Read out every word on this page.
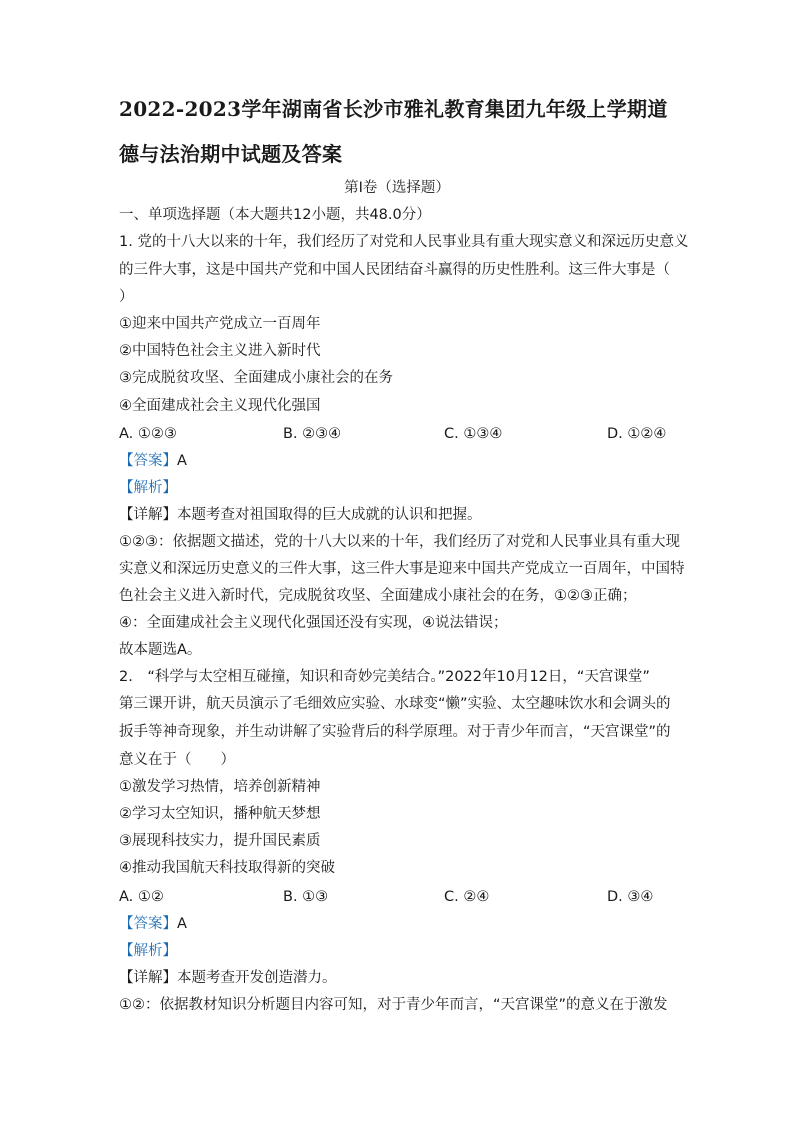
2022-2023学年湖南省长沙市雅礼教育集团九年级上学期道
德与法治期中试题及答案
第I卷（选择题）
一、单项选择题（本大题共12小题，共48.0分）
1. 党的十八大以来的十年，我们经历了对党和人民事业具有重大现实意义和深远历史意义
的三件大事，这是中国共产党和中国人民团结奋斗赢得的历史性胜利。这三件大事是（
）
①迎来中国共产党成立一百周年
②中国特色社会主义进入新时代
③完成脱贫攻坚、全面建成小康社会的在务
④全面建成社会主义现代化强国
A. ①②③	B. ②③④	C. ①③④	D. ①②④
【答案】A
【解析】
【详解】本题考查对祖国取得的巨大成就的认识和把握。
①②③：依据题文描述，党的十八大以来的十年，我们经历了对党和人民事业具有重大现
实意义和深远历史意义的三件大事，这三件大事是迎来中国共产党成立一百周年，中国特
色社会主义进入新时代，完成脱贫攻坚、全面建成小康社会的在务，①②③正确；
④：全面建成社会主义现代化强国还没有实现，④说法错误；
故本题选A。
2.　“科学与太空相互碰撞，知识和奇妙完美结合。”2022年10月12日，“天宫课堂”
第三课开讲，航天员演示了毛细效应实验、水球变“懒”实验、太空趣味饮水和会调头的
扳手等神奇现象，并生动讲解了实验背后的科学原理。对于青少年而言，“天宫课堂”的
意义在于（　　）
①激发学习热情，培养创新精神
②学习太空知识，播种航天梦想
③展现科技实力，提升国民素质
④推动我国航天科技取得新的突破
A. ①②	B. ①③	C. ②④	D. ③④
【答案】A
【解析】
【详解】本题考查开发创造潜力。
①②：依据教材知识分析题目内容可知，对于青少年而言，“天宫课堂”的意义在于激发
